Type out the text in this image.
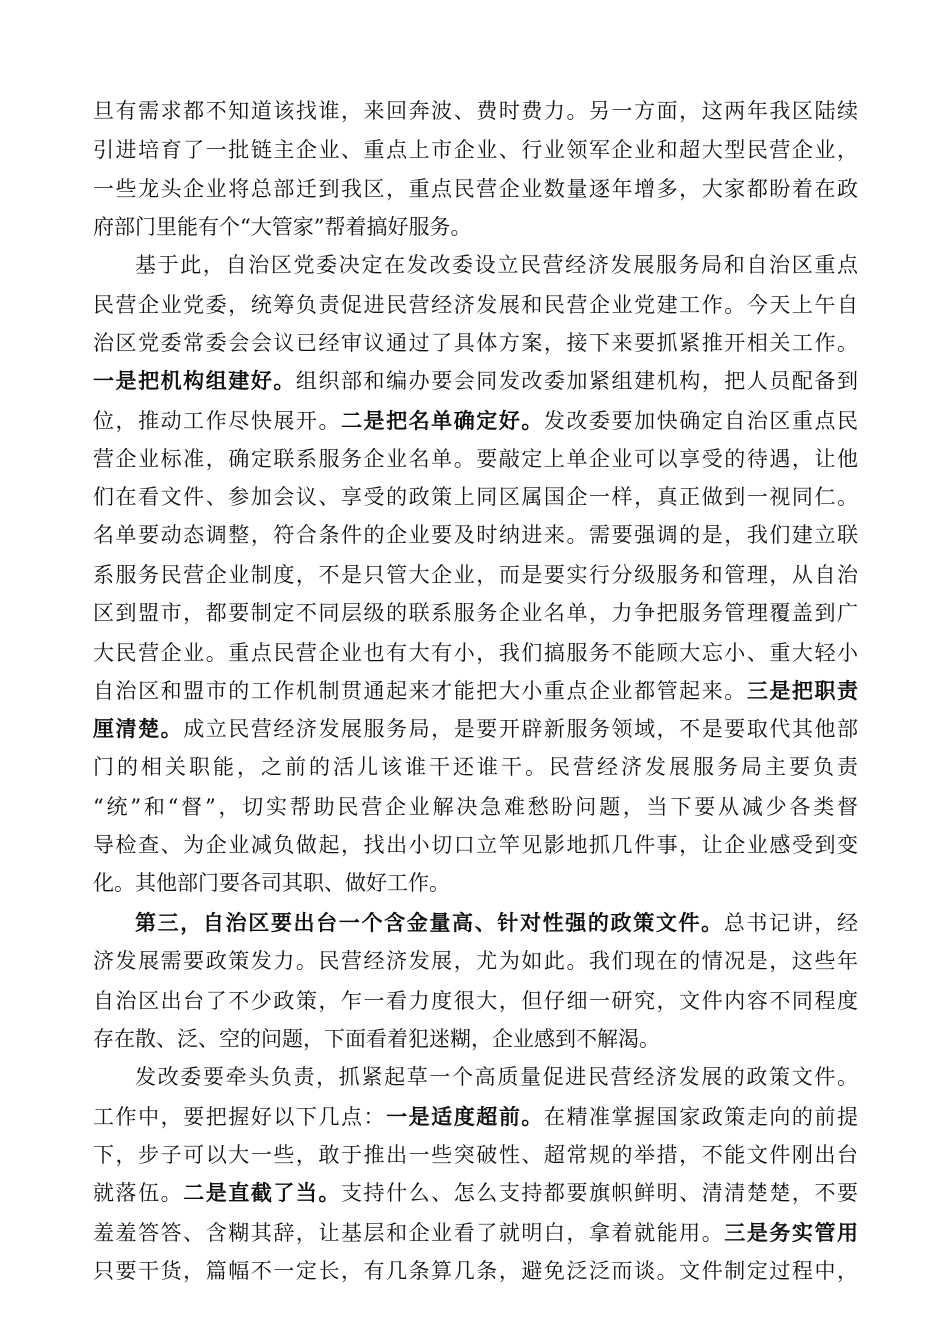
旦有需求都不知道该找谁，来回奔波、费时费力。另一方面，这两年我区陆续
引进培育了一批链主企业、重点上市企业、行业领军企业和超大型民营企业，
一些龙头企业将总部迁到我区，重点民营企业数量逐年增多，大家都盼着在政
府部门里能有个“大管家”帮着搞好服务。
基于此，自治区党委决定在发改委设立民营经济发展服务局和自治区重点
民营企业党委，统筹负责促进民营经济发展和民营企业党建工作。今天上午自
治区党委常委会会议已经审议通过了具体方案，接下来要抓紧推开相关工作。
一是把机构组建好。组织部和编办要会同发改委加紧组建机构，把人员配备到
位，推动工作尽快展开。二是把名单确定好。发改委要加快确定自治区重点民
营企业标准，确定联系服务企业名单。要敲定上单企业可以享受的待遇，让他
们在看文件、参加会议、享受的政策上同区属国企一样，真正做到一视同仁。
名单要动态调整，符合条件的企业要及时纳进来。需要强调的是，我们建立联
系服务民营企业制度，不是只管大企业，而是要实行分级服务和管理，从自治
区到盟市，都要制定不同层级的联系服务企业名单，力争把服务管理覆盖到广
大民营企业。重点民营企业也有大有小，我们搞服务不能顾大忘小、重大轻小
自治区和盟市的工作机制贯通起来才能把大小重点企业都管起来。三是把职责
厘清楚。成立民营经济发展服务局，是要开辟新服务领域，不是要取代其他部
门的相关职能，之前的活儿该谁干还谁干。民营经济发展服务局主要负责
“统”和“督”，切实帮助民营企业解决急难愁盼问题，当下要从减少各类督
导检查、为企业减负做起，找出小切口立竿见影地抓几件事，让企业感受到变
化。其他部门要各司其职、做好工作。
第三，自治区要出台一个含金量高、针对性强的政策文件。总书记讲，经
济发展需要政策发力。民营经济发展，尤为如此。我们现在的情况是，这些年
自治区出台了不少政策，乍一看力度很大，但仔细一研究，文件内容不同程度
存在散、泛、空的问题，下面看着犯迷糊，企业感到不解渴。
发改委要牵头负责，抓紧起草一个高质量促进民营经济发展的政策文件。
工作中，要把握好以下几点：一是适度超前。在精准掌握国家政策走向的前提
下，步子可以大一些，敢于推出一些突破性、超常规的举措，不能文件刚出台
就落伍。二是直截了当。支持什么、怎么支持都要旗帜鲜明、清清楚楚，不要
羞羞答答、含糊其辞，让基层和企业看了就明白，拿着就能用。三是务实管用
只要干货，篇幅不一定长，有几条算几条，避免泛泛而谈。文件制定过程中，
